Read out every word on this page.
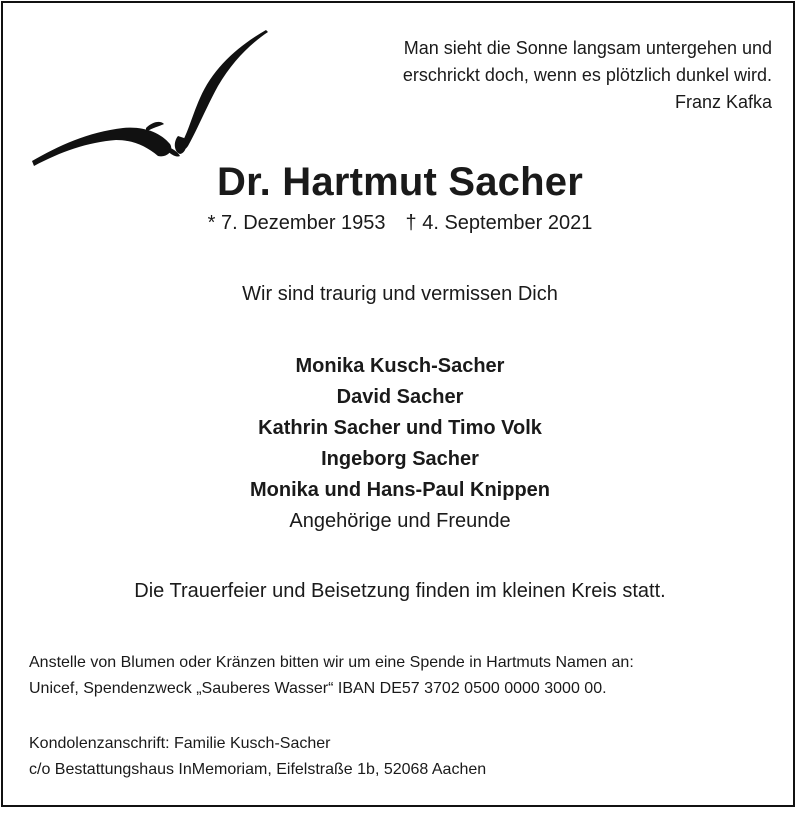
Man sieht die Sonne langsam untergehen und
erschrickt doch, wenn es plötzlich dunkel wird.
Franz Kafka
Dr. Hartmut Sacher
* 7. Dezember 1953 † 4. September 2021
Wir sind traurig und vermissen Dich
Monika Kusch-Sacher
David Sacher
Kathrin Sacher und Timo Volk
Ingeborg Sacher
Monika und Hans-Paul Knippen
Angehörige und Freunde
Die Trauerfeier und Beisetzung finden im kleinen Kreis statt.
Anstelle von Blumen oder Kränzen bitten wir um eine Spende in Hartmuts Namen an:
Unicef, Spendenzweck „Sauberes Wasser“ IBAN DE57 3702 0500 0000 3000 00.
Kondolenzanschrift: Familie Kusch-Sacher
c/o Bestattungshaus InMemoriam, Eifelstraße 1b, 52068 Aachen
